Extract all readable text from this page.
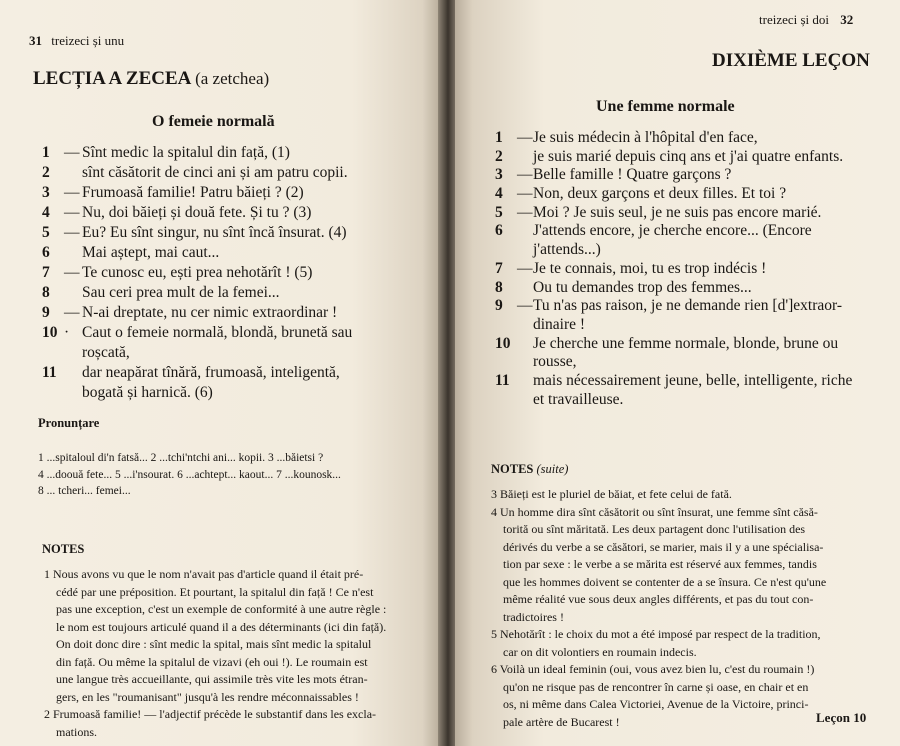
31 treizeci și unu
LECȚIA A ZECEA (a zetchea)
O femeie normală
1 — Sînt medic la spitalul din față, (1)
2 sînt căsătorit de cinci ani și am patru copii.
3 — Frumoasă familie! Patru băieți ? (2)
4 — Nu, doi băieți și două fete. Și tu ? (3)
5 — Eu? Eu sînt singur, nu sînt încă însurat. (4)
6 Mai aștept, mai caut...
7 — Te cunosc eu, ești prea nehotărît ! (5)
8 Sau ceri prea mult de la femei...
9 — N-ai dreptate, nu cer nimic extraordinar !
10 · Caut o femeie normală, blondă, brunetă sau
roșcată,
11 dar neapărat tînără, frumoasă, inteligentă,
bogată și harnică. (6)
Pronunțare
1 ...spitaloul di'n fatsă... 2 ...tchi'ntchi ani... kopii. 3 ...băietsi ?
4 ...doouă fete... 5 ...i'nsourat. 6 ...achtept... kaout... 7 ...kounosk...
8 ... tcheri... femei...
NOTES
1 Nous avons vu que le nom n'avait pas d'article quand il était pré-
cédé par une préposition. Et pourtant, la spitalul din față ! Ce n'est
pas une exception, c'est un exemple de conformité à une autre règle :
le nom est toujours articulé quand il a des déterminants (ici din față).
On doit donc dire : sînt medic la spital, mais sînt medic la spitalul
din față. Ou même la spitalul de vizavi (eh oui !). Le roumain est
une langue très accueillante, qui assimile très vite les mots étran-
gers, en les "roumanisant" jusqu'à les rendre méconnaissables !
2 Frumoasă familie! — l'adjectif précède le substantif dans les excla-
mations.
treizeci și doi 32
DIXIÈME LEÇON
Une femme normale
1 —Je suis médecin à l'hôpital d'en face,
2 je suis marié depuis cinq ans et j'ai quatre enfants.
3 —Belle famille ! Quatre garçons ?
4 —Non, deux garçons et deux filles. Et toi ?
5 —Moi ? Je suis seul, je ne suis pas encore marié.
6 J'attends encore, je cherche encore... (Encore
j'attends...)
7 —Je te connais, moi, tu es trop indécis !
8 Ou tu demandes trop des femmes...
9 —Tu n'as pas raison, je ne demande rien [d']extraor-
dinaire !
10 Je cherche une femme normale, blonde, brune ou
rousse,
11 mais nécessairement jeune, belle, intelligente, riche
et travailleuse.
NOTES (suite)
3 Băieți est le pluriel de băiat, et fete celui de fată.
4 Un homme dira sînt căsătorit ou sînt însurat, une femme sînt căsă-
torită ou sînt măritată. Les deux partagent donc l'utilisation des
dérivés du verbe a se căsători, se marier, mais il y a une spécialisa-
tion par sexe : le verbe a se mărita est réservé aux femmes, tandis
que les hommes doivent se contenter de a se însura. Ce n'est qu'une
même réalité vue sous deux angles différents, et pas du tout con-
tradictoires !
5 Nehotărît : le choix du mot a été imposé par respect de la tradition,
car on dit volontiers en roumain indecis.
6 Voilà un ideal feminin (oui, vous avez bien lu, c'est du roumain !)
qu'on ne risque pas de rencontrer în carne și oase, en chair et en
os, ni même dans Calea Victoriei, Avenue de la Victoire, princi-
pale artère de Bucarest !	Leçon 10
